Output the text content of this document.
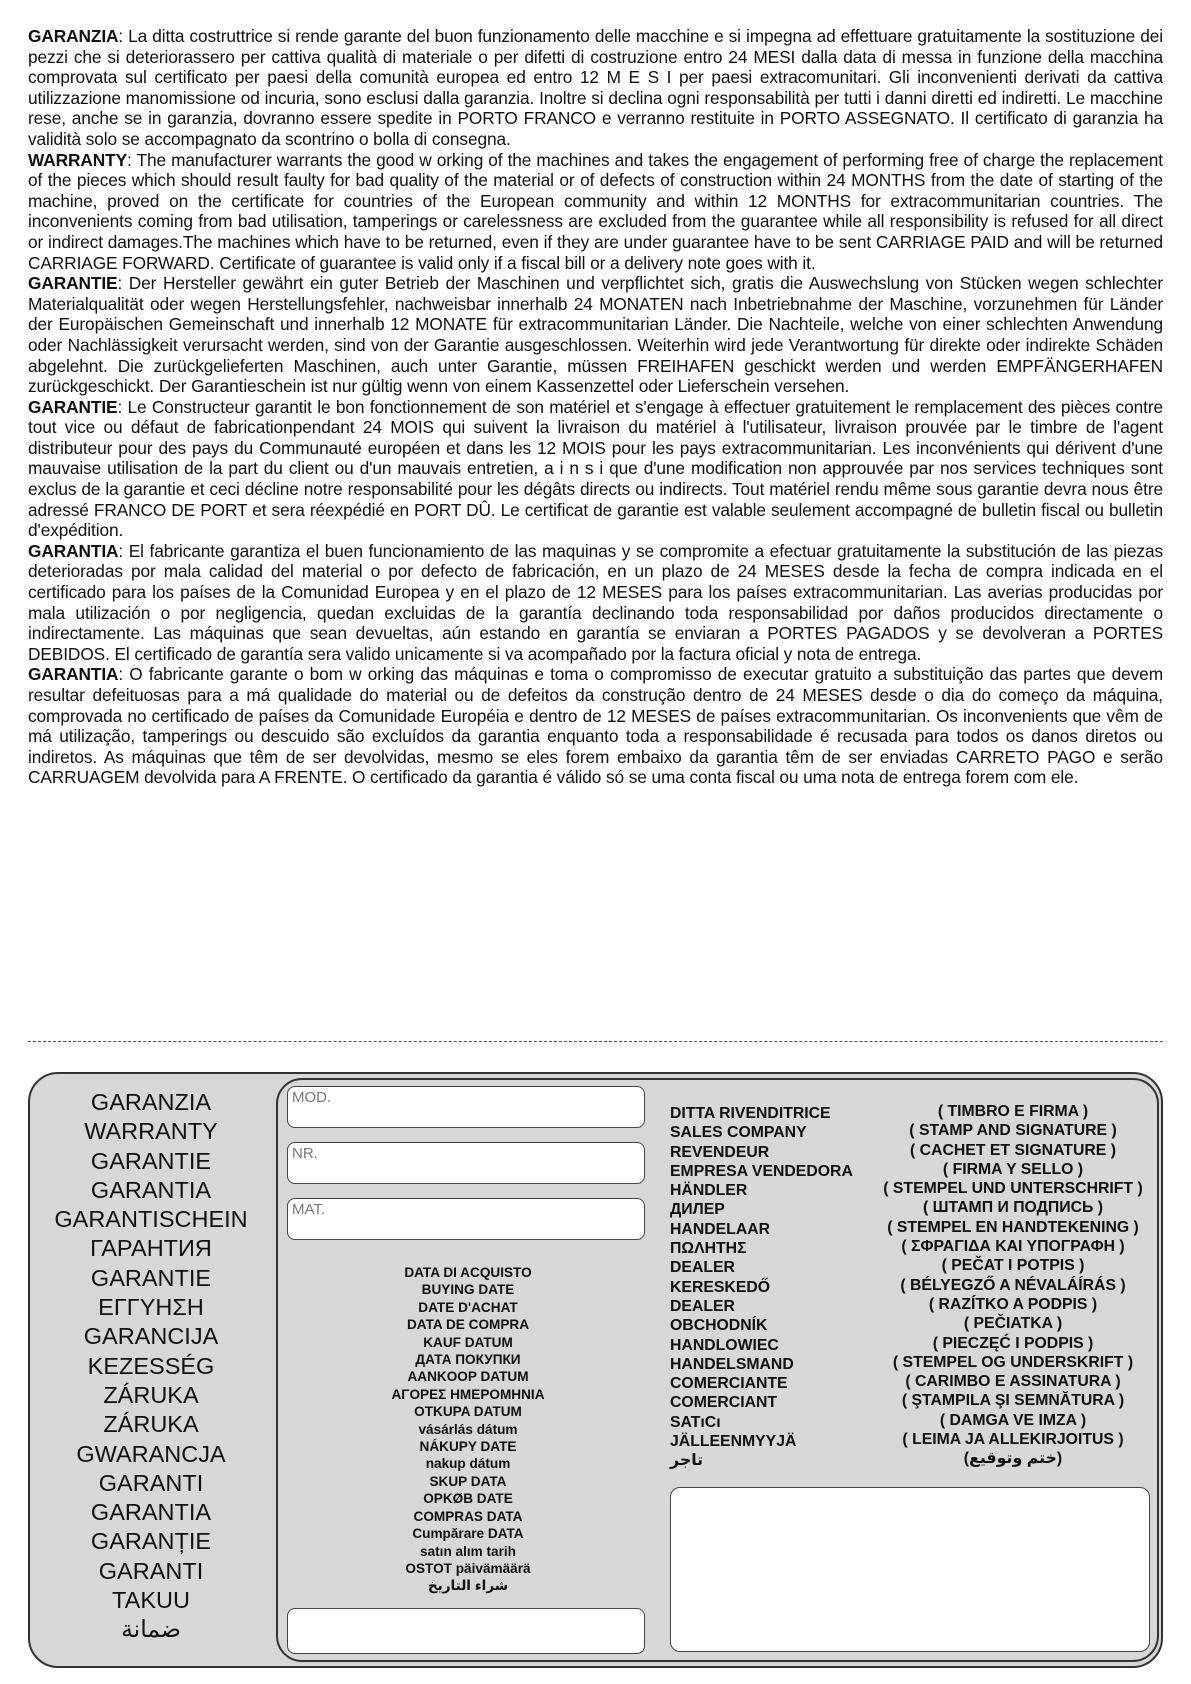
GARANZIA: La ditta costruttrice si rende garante del buon funzionamento delle macchine e si impegna ad effettuare gratuitamente la sostituzione dei pezzi che si deteriorassero per cattiva qualità di materiale o per difetti di costruzione entro 24 MESI dalla data di messa in funzione della macchina comprovata sul certificato per paesi della comunità europea ed entro 12 M E S I per paesi extracomunitari. Gli inconvenienti derivati da cattiva utilizzazione manomissione od incuria, sono esclusi dalla garanzia. Inoltre si declina ogni responsabilità per tutti i danni diretti ed indiretti. Le macchine rese, anche se in garanzia, dovranno essere spedite in PORTO FRANCO e verranno restituite in PORTO ASSEGNATO. Il certificato di garanzia ha validità solo se accompagnato da scontrino o bolla di consegna.

WARRANTY: The manufacturer warrants the good w orking of the machines and takes the engagement of performing free of charge the replacement of the pieces which should result faulty for bad quality of the material or of defects of construction within 24 MONTHS from the date of starting of the machine, proved on the certificate for countries of the European community and within 12 MONTHS for extracommunitarian countries. The inconvenients coming from bad utilisation, tamperings or carelessness are excluded from the guarantee while all responsibility is refused for all direct or indirect damages.The machines which have to be returned, even if they are under guarantee have to be sent CARRIAGE PAID and will be returned CARRIAGE FORWARD. Certificate of guarantee is valid only if a fiscal bill or a delivery note goes with it.

GARANTIE: Der Hersteller gewährt ein guter Betrieb der Maschinen und verpflichtet sich, gratis die Auswechslung von Stücken wegen schlechter Materialqualität oder wegen Herstellungsfehler, nachweisbar innerhalb 24 MONATEN nach Inbetriebnahme der Maschine, vorzunehmen für Länder der Europäischen Gemeinschaft und innerhalb 12 MONATE für extracommunitarian Länder. Die Nachteile, welche von einer schlechten Anwendung oder Nachlässigkeit verursacht werden, sind von der Garantie ausgeschlossen. Weiterhin wird jede Verantwortung für direkte oder indirekte Schäden abgelehnt. Die zurückgelieferten Maschinen, auch unter Garantie, müssen FREIHAFEN geschickt werden und werden EMPFÄNGERHAFEN zurückgeschickt. Der Garantieschein ist nur gültig wenn von einem Kassenzettel oder Lieferschein versehen.

GARANTIE: Le Constructeur garantit le bon fonctionnement de son matériel et s'engage à effectuer gratuitement le remplacement des pièces contre tout vice ou défaut de fabricationpendant 24 MOIS qui suivent la livraison du matériel à l'utilisateur, livraison prouvée par le timbre de l'agent distributeur pour des pays du Communauté européen et dans les 12 MOIS pour les pays extracommunitarian. Les inconvénients qui dérivent d'une mauvaise utilisation de la part du client ou d'un mauvais entretien, a i n s i que d'une modification non approuvée par nos services techniques sont exclus de la garantie et ceci décline notre responsabilité pour les dégâts directs ou indirects. Tout matériel rendu même sous garantie devra nous être adressé FRANCO DE PORT et sera réexpédié en PORT DÛ. Le certificat de garantie est valable seulement accompagné de bulletin fiscal ou bulletin d'expédition.

GARANTIA: El fabricante garantiza el buen funcionamiento de las maquinas y se compromite a efectuar gratuitamente la substitución de las piezas deterioradas por mala calidad del material o por defecto de fabricación, en un plazo de 24 MESES desde la fecha de compra indicada en el certificado para los países de la Comunidad Europea y en el plazo de 12 MESES para los países extracommunitarian. Las averias producidas por mala utilización o por negligencia, quedan excluidas de la garantía declinando toda responsabilidad por daños producidos directamente o indirectamente. Las máquinas que sean devueltas, aún estando en garantía se enviaran a PORTES PAGADOS y se devolveran a PORTES DEBIDOS. El certificado de garantía sera valido unicamente si va acompañado por la factura oficial y nota de entrega.

GARANTIA: O fabricante garante o bom w orking das máquinas e toma o compromisso de executar gratuito a substituição das partes que devem resultar defeituosas para a má qualidade do material ou de defeitos da construção dentro de 24 MESES desde o dia do começo da máquina, comprovada no certificado de países da Comunidade Européia e dentro de 12 MESES de países extracommunitarian. Os inconvenients que vêm de má utilização, tamperings ou descuido são excluídos da garantia enquanto toda a responsabilidade é recusada para todos os danos diretos ou indiretos. As máquinas que têm de ser devolvidas, mesmo se eles forem embaixo da garantia têm de ser enviadas CARRETO PAGO e serão CARRUAGEM devolvida para A FRENTE. O certificado da garantia é válido só se uma conta fiscal ou uma nota de entrega forem com ele.

GARANZIA
WARRANTY
GARANTIE
GARANTIA
GARANTISCHEIN
ГАРАНТИЯ
GARANTIE
ΕΓΓΥΗΣΗ
GARANCIJA
KEZESSÉG
ZÁRUKA
ZÁRUKA
GWARANCJA
GARANTI
GARANTIA
GARANȚIE
GARANTI
TAKUU
ضمانة
MOD.
NR.
MAT.
DATA DI ACQUISTO
BUYING DATE
DATE D'ACHAT
DATA DE COMPRA
KAUF DATUM
ДАТА ПОКУПКИ
AANKOOP DATUM
ΑΓΟΡΕΣ ΗΜΕΡΟΜΗΝΙΑ
OTKUPA DATUM
vásárlás dátum
NÁKUPY DATE
nakup dátum
SKUP DATA
OPKØB DATE
COMPRAS DATA
Cumpărare DATA
satın alım tarih
OSTOT päivämäärä
شراء التاريخ
DITTA RIVENDITRICE
SALES COMPANY
REVENDEUR
EMPRESA VENDEDORA
HÄNDLER
ДИЛЕР
HANDELAAR
ΠΩΛΗΤΗΣ
DEALER
KERESKEDŐ
DEALER
OBCHODNÍK
HANDLOWIEC
HANDELSMAND
COMERCIANTE
COMERCIANT
SATıCı
JÄLLEENMYYJÄ
تاجر
( TIMBRO E FIRMA )
( STAMP AND SIGNATURE )
( CACHET ET SIGNATURE )
( FIRMA Y SELLO )
( STEMPEL UND UNTERSCHRIFT )
( ШТАМП И ПОДПИСЬ )
( STEMPEL EN HANDTEKENING )
( ΣΦΡΑΓΙΔΑ ΚΑΙ ΥΠΟΓΡΑΦΗ )
( PEČAT I POTPIS )
( BÉLYEGZŐ A NÉVALÁÍRÁS )
( RAZÍTKO A PODPIS )
( PEČIATKA )
( PIECZĘĆ I PODPIS )
( STEMPEL OG UNDERSKRIFT )
( CARIMBO E ASSINATURA )
( ŞTAMPILA ŞI SEMNĂTURA )
( DAMGA VE IMZA )
( LEIMA JA ALLEKIRJOITUS )
(ختم وتوقيع)
